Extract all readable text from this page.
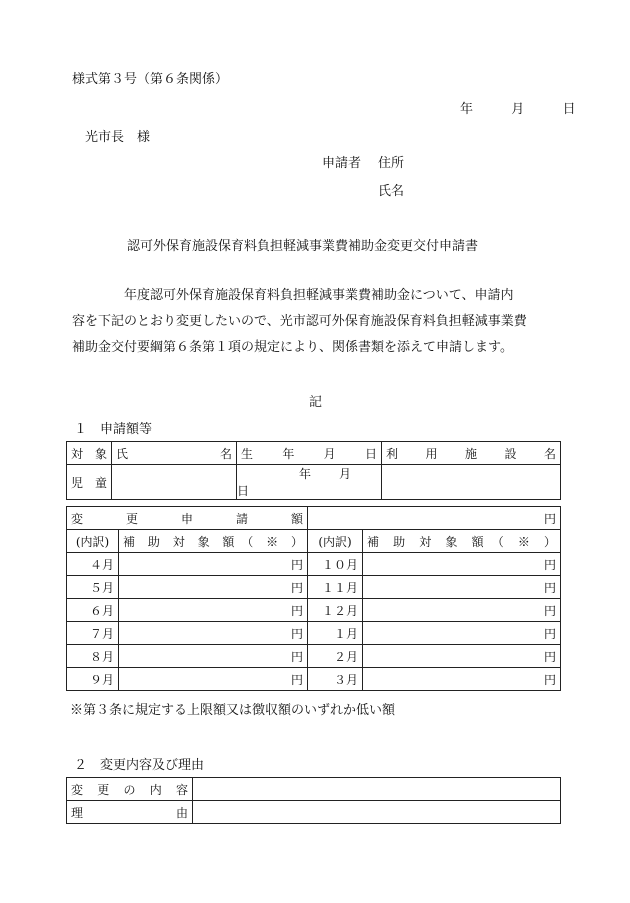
様式第３号（第６条関係）
年	月	日
光市長　様
申請者 住所
氏名
認可外保育施設保育料負担軽減事業費補助金変更交付申請書

　　　　年度認可外保育施設保育料負担軽減事業費補助金について、申請内

容を下記のとおり変更したいので、光市認可外保育施設保育料負担軽減事業費

補助金交付要綱第６条第１項の規定により、関係書類を添えて申請します。

記
１　申請額等
対象	氏　　　　　名	生　　年　　月　　日	利　用　施　設　名
児童		年 月日	
変　更　申　請　額		円	
(内訳)	補　助　対　象　額　（　※　）	(内訳)	補　助　対　象　額　（　※　）
４月	円	１０月	円
５月	円	１１月	円
６月	円	１２月	円
７月	円	１月	円
８月	円	２月	円
９月	円	３月	円
※第３条に規定する上限額又は徴収額のいずれか低い額
２　変更内容及び理由
変　更　の　内　容	
理　　　　　由	
